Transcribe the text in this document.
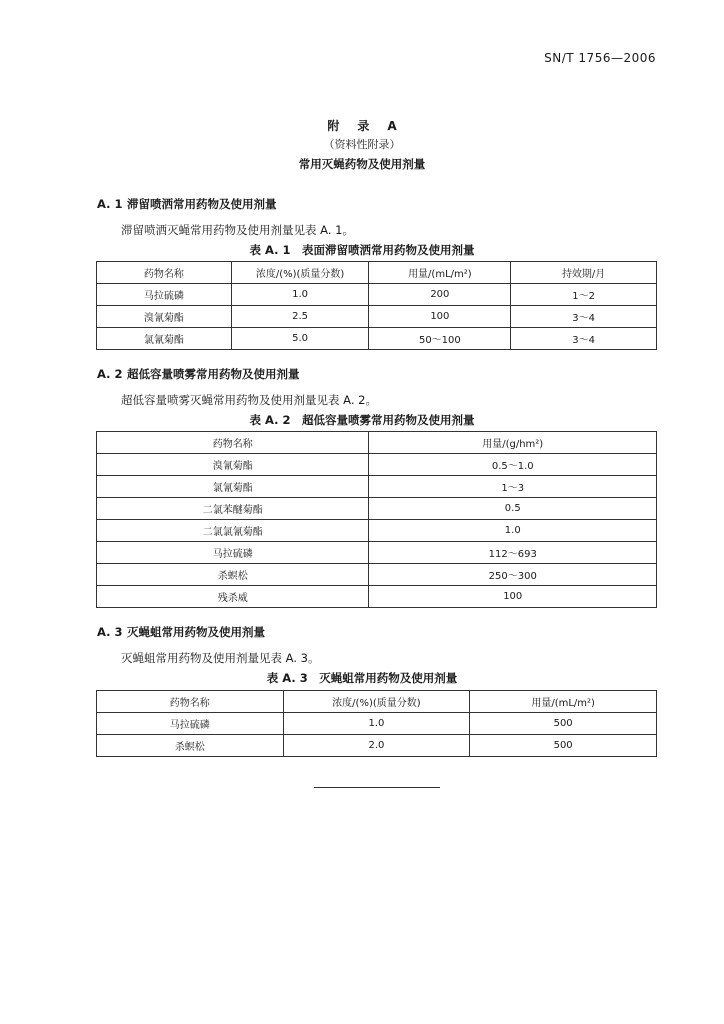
SN/T 1756—2006
附 录 A
（资料性附录）
常用灭蝇药物及使用剂量
A. 1 滞留喷洒常用药物及使用剂量
滞留喷洒灭蝇常用药物及使用剂量见表 A. 1。
表 A. 1　表面滞留喷洒常用药物及使用剂量
药物名称	浓度/(%)(质量分数)	用量/(mL/m²)	持效期/月
马拉硫磷	1.0	200	1～2
溴氰菊酯	2.5	100	3～4
氯氰菊酯	5.0	50～100	3～4
A. 2 超低容量喷雾常用药物及使用剂量
超低容量喷雾灭蝇常用药物及使用剂量见表 A. 2。
表 A. 2　超低容量喷雾常用药物及使用剂量
药物名称	用量/(g/hm²)
溴氰菊酯	0.5～1.0
氯氰菊酯	1～3
二氯苯醚菊酯	0.5
二氯氯氰菊酯	1.0
马拉硫磷	112～693
杀螟松	250～300
残杀威	100
A. 3 灭蝇蛆常用药物及使用剂量
灭蝇蛆常用药物及使用剂量见表 A. 3。
表 A. 3　灭蝇蛆常用药物及使用剂量
药物名称	浓度/(%)(质量分数)	用量/(mL/m²)
马拉硫磷	1.0	500
杀螟松	2.0	500
